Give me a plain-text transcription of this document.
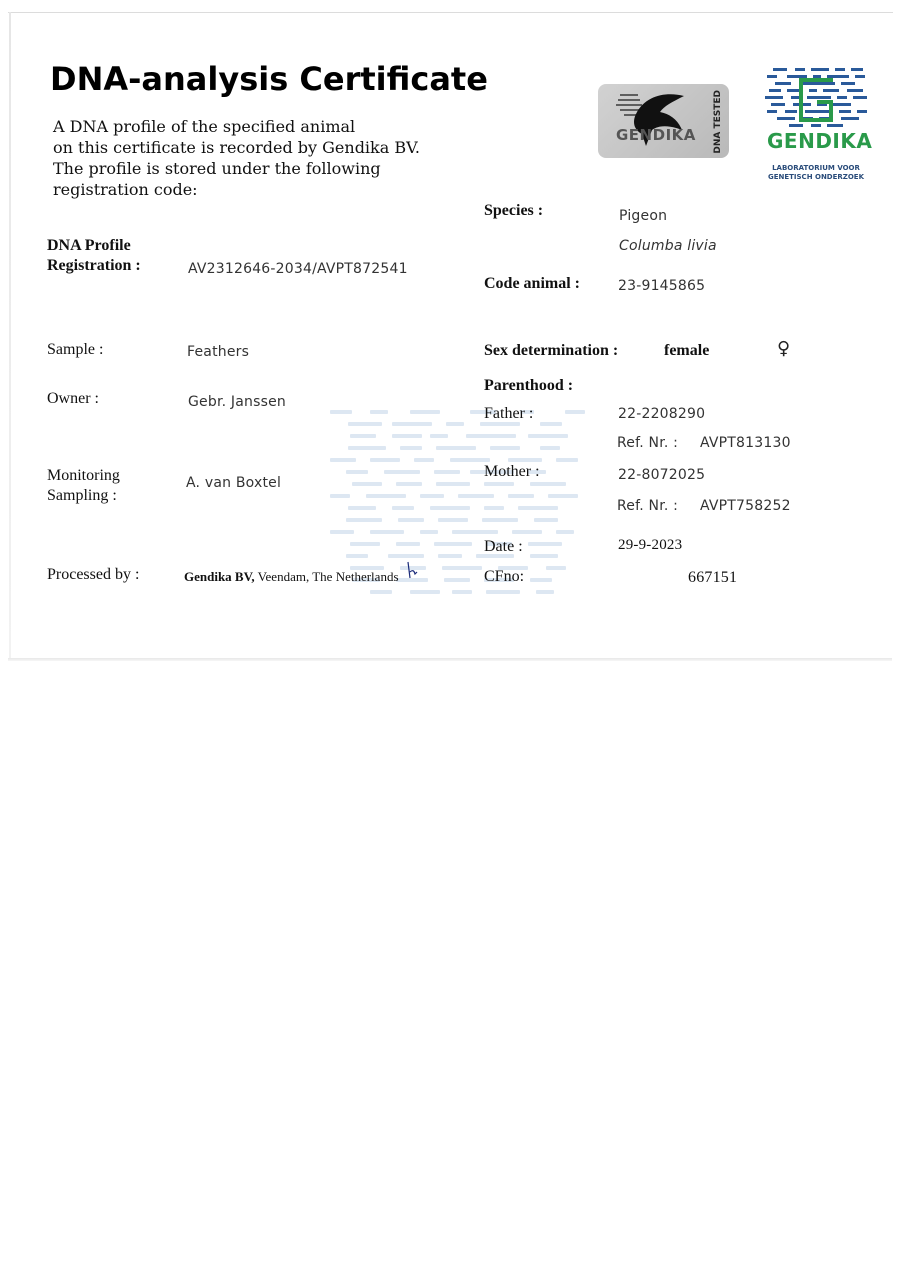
DNA-analysis Certificate
A DNA profile of the specified animal
on this certificate is recorded by Gendika BV.
The profile is stored under the following
registration code:
GENDIKA DNA TESTED GENDIKA
LABORATORIUM VOOR
GENETISCH ONDERZOEK
DNA Profile
Registration :	AV2312646-2034/AVPT872541
Sample :	Feathers
Owner :	Gebr. Janssen
Monitoring
Sampling :
A. van Boxtel
Processed by :	Gendika BV, Veendam, The Netherlands
Species :	Pigeon
Columba livia
Code animal :	23-9145865
Sex determination :	female	♀
Parenthood :
Father :	22-2208290
Ref. Nr. : AVPT813130
Mother :	22-8072025
Ref. Nr. : AVPT758252
Date :	29-9-2023
CFno:	667151
